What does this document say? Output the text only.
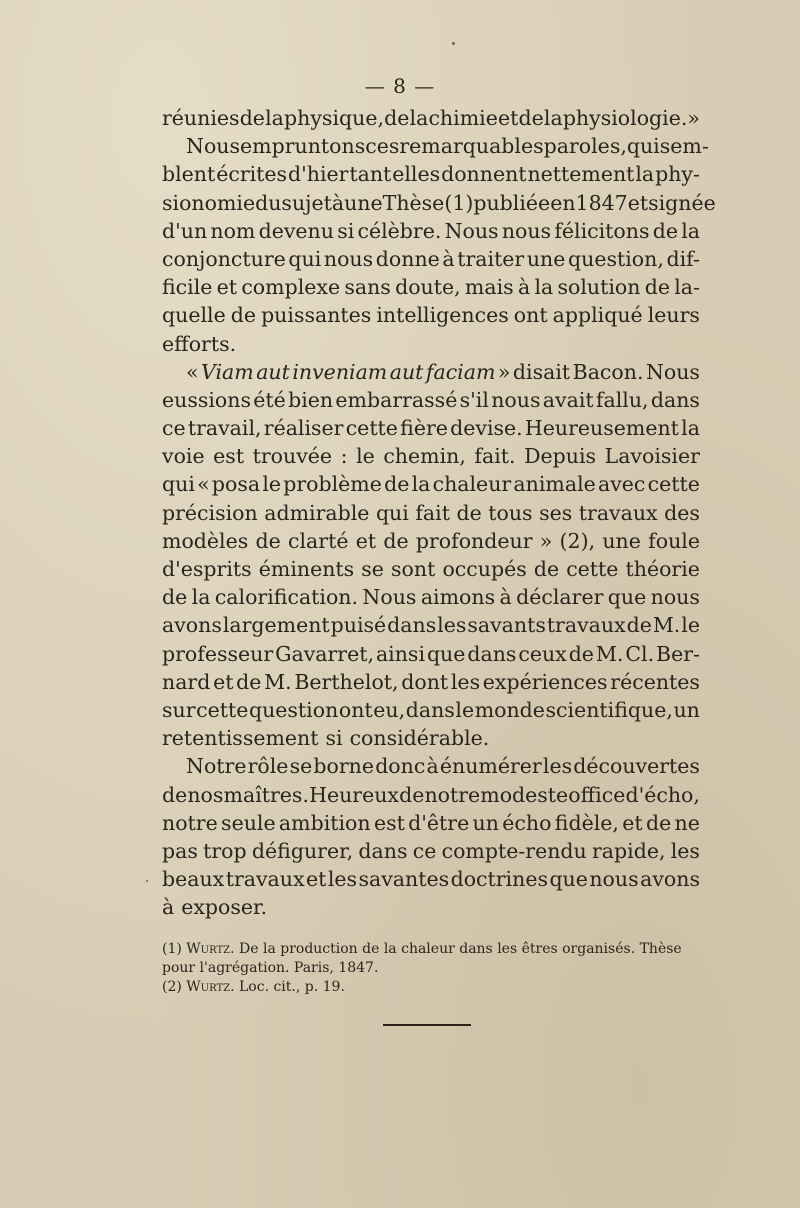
— 8 —
réunies de la physique, de la chimie et de la physiologie.»
Nous empruntons ces remarquables paroles, qui sem-
blent écrites d'hier tant elles donnent nettement la phy-
sionomie du sujet à une Thèse(1) publiée en 1847 et signée
d'un nom devenu si célèbre. Nous nous félicitons de la
conjoncture qui nous donne à traiter une question, dif-
ficile et complexe sans doute, mais à la solution de la-
quelle de puissantes intelligences ont appliqué leurs
efforts.
« Viam aut inveniam aut faciam » disait Bacon. Nous
eussions été bien embarrassé s'il nous avait fallu, dans
ce travail, réaliser cette fière devise. Heureusement la
voie est trouvée : le chemin, fait. Depuis Lavoisier
qui « posa le problème de la chaleur animale avec cette
précision admirable qui fait de tous ses travaux des
modèles de clarté et de profondeur » (2), une foule
d'esprits éminents se sont occupés de cette théorie
de la calorification. Nous aimons à déclarer que nous
avons largement puisé dans les savants travaux de M. le
professeur Gavarret, ainsi que dans ceux de M. Cl. Ber-
nard et de M. Berthelot, dont les expériences récentes
sur cette question ont eu, dans le monde scientifique, un
retentissement si considérable.
Notre rôle se borne donc à énumérer les découvertes
de nos maîtres. Heureux de notre modeste office d'écho,
notre seule ambition est d'être un écho fidèle, et de ne
pas trop défigurer, dans ce compte-rendu rapide, les
beaux travaux et les savantes doctrines que nous avons
à exposer.
(1) Wurtz. De la production de la chaleur dans les êtres organisés. Thèse
pour l'agrégation. Paris, 1847.
(2) Wurtz. Loc. cit., p. 19.
